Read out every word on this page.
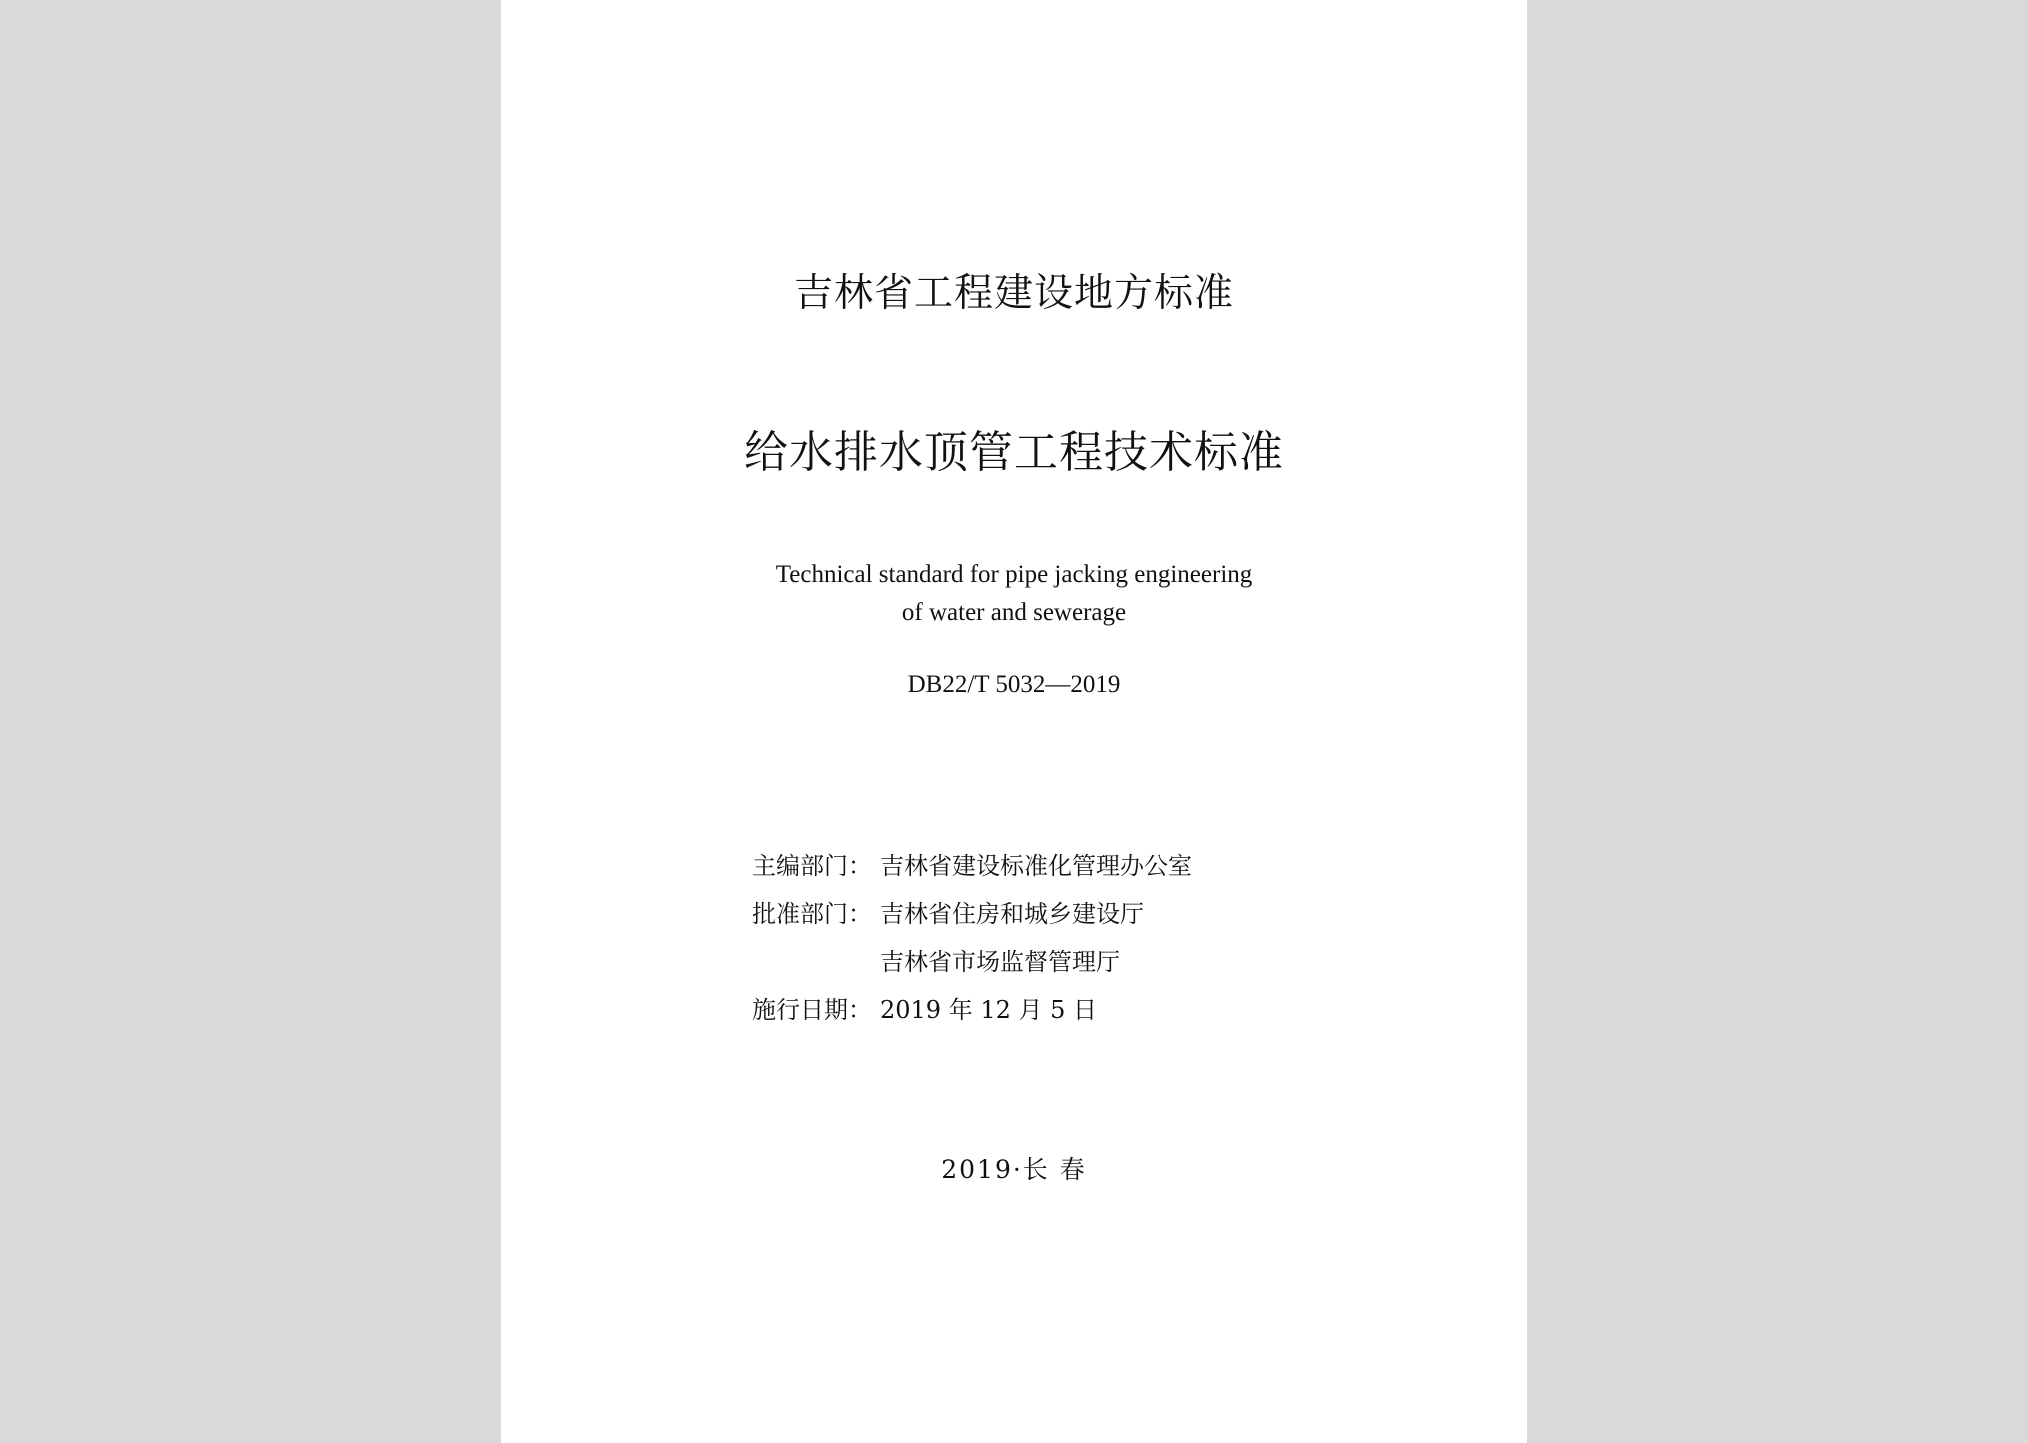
吉林省工程建设地方标准
给水排水顶管工程技术标准
Technical standard for pipe jacking engineering
of water and sewerage
DB22/T 5032—2019
主编部门： 吉林省建设标准化管理办公室
批准部门： 吉林省住房和城乡建设厅
吉林省市场监督管理厅
施行日期： 2019 年 12 月 5 日
2019·长 春
